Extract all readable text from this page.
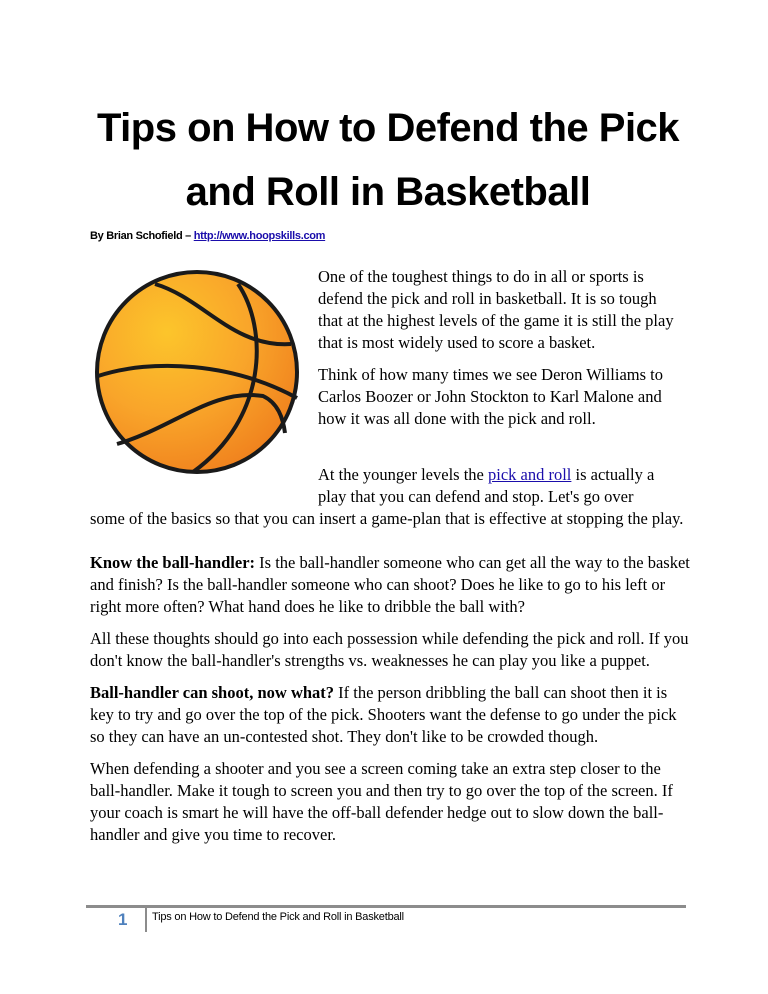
Tips on How to Defend the Pick
and Roll in Basketball
By Brian Schofield – http://www.hoopskills.com

One of the toughest things to do in all or sports is defend the pick and roll in basketball. It is so tough that at the highest levels of the game it is still the play that is most widely used to score a basket.

Think of how many times we see Deron Williams to Carlos Boozer or John Stockton to Karl Malone and how it was all done with the pick and roll.

At the younger levels the pick and roll is actually a
play that you can defend and stop. Let's go over
some of the basics so that you can insert a game-plan that is effective at stopping the play.

Know the ball-handler: Is the ball-handler someone who can get all the way to the basket and finish? Is the ball-handler someone who can shoot? Does he like to go to his left or right more often? What hand does he like to dribble the ball with?

All these thoughts should go into each possession while defending the pick and roll. If you don't know the ball-handler's strengths vs. weaknesses he can play you like a puppet.

Ball-handler can shoot, now what? If the person dribbling the ball can shoot then it is key to try and go over the top of the pick. Shooters want the defense to go under the pick so they can have an un-contested shot. They don't like to be crowded though.

When defending a shooter and you see a screen coming take an extra step closer to the ball-handler. Make it tough to screen you and then try to go over the top of the screen. If your coach is smart he will have the off-ball defender hedge out to slow down the ball-handler and give you time to recover.

1 Tips on How to Defend the Pick and Roll in Basketball
